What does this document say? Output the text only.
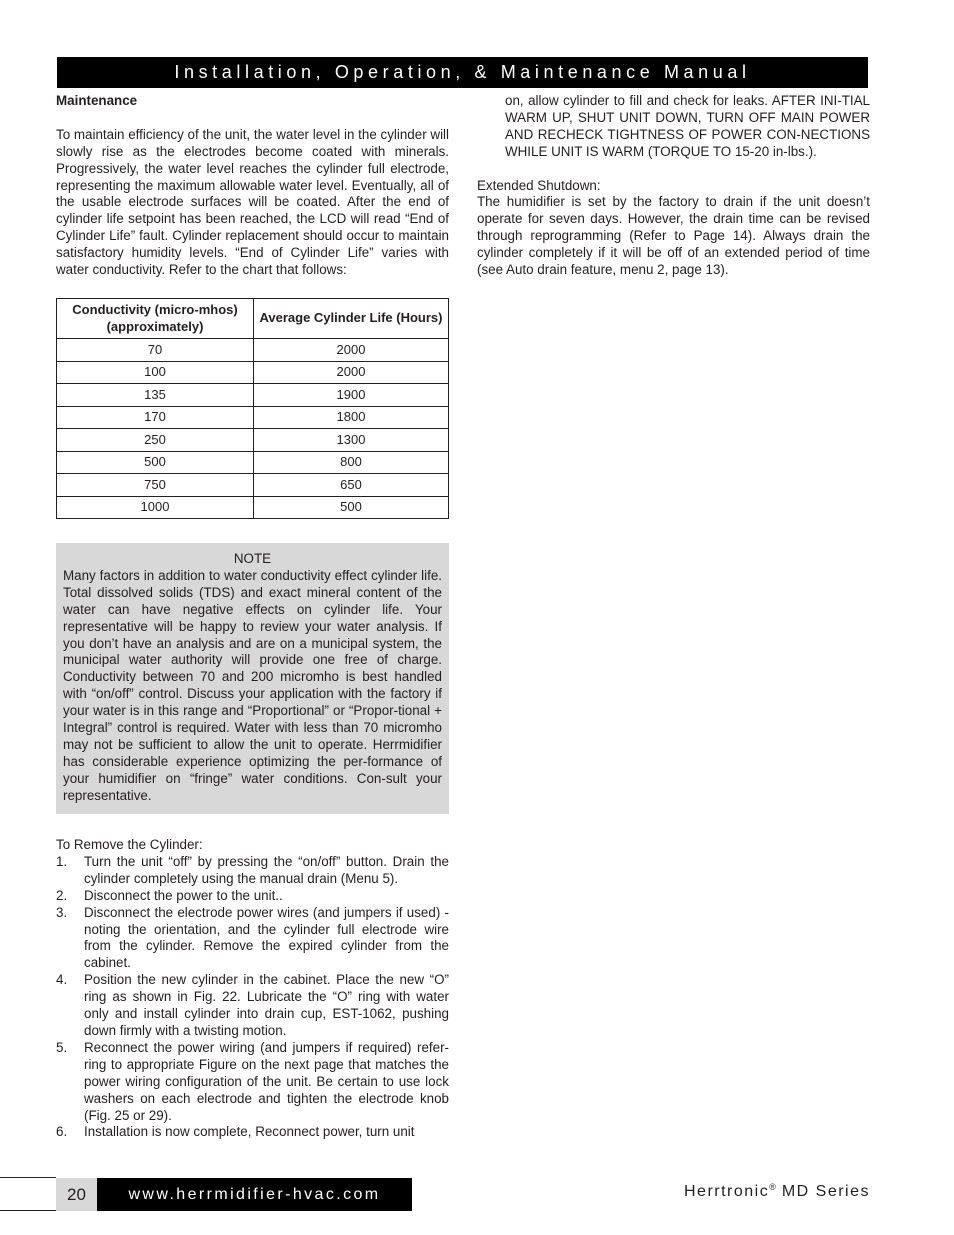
Installation, Operation, & Maintenance Manual
Maintenance

To maintain efficiency of the unit, the water level in the cylinder will slowly rise as the electrodes become coated with minerals. Progressively, the water level reaches the cylinder full electrode, representing the maximum allowable water level. Eventually, all of the usable electrode surfaces will be coated. After the end of cylinder life setpoint has been reached, the LCD will read “End of Cylinder Life” fault. Cylinder replacement should occur to maintain satisfactory humidity levels. “End of Cylinder Life” varies with water conductivity. Refer to the chart that follows:

Conductivity (micro-mhos) (approximately)	Average Cylinder Life (Hours)
70	2000
100	2000
135	1900
170	1800
250	1300
500	800
750	650
1000	500

NOTE

Many factors in addition to water conductivity effect cylinder life. Total dissolved solids (TDS) and exact mineral content of the water can have negative effects on cylinder life. Your representative will be happy to review your water analysis. If you don’t have an analysis and are on a municipal system, the municipal water authority will provide one free of charge. Conductivity between 70 and 200 micromho is best handled with “on/off” control. Discuss your application with the factory if your water is in this range and “Proportional” or “Propor-tional + Integral” control is required. Water with less than 70 micromho may not be sufficient to allow the unit to operate. Herrmidifier has considerable experience optimizing the per-formance of your humidifier on “fringe” water conditions. Con-sult your representative.

To Remove the Cylinder:

1. Turn the unit “off” by pressing the “on/off” button. Drain the cylinder completely using the manual drain (Menu 5).
2. Disconnect the power to the unit..
3. Disconnect the electrode power wires (and jumpers if used) - noting the orientation, and the cylinder full electrode wire from the cylinder. Remove the expired cylinder from the cabinet.
4. Position the new cylinder in the cabinet. Place the new “O” ring as shown in Fig. 22. Lubricate the “O” ring with water only and install cylinder into drain cup, EST-1062, pushing down firmly with a twisting motion.
5. Reconnect the power wiring (and jumpers if required) refer-ring to appropriate Figure on the next page that matches the power wiring configuration of the unit. Be certain to use lock washers on each electrode and tighten the electrode knob (Fig. 25 or 29).
6. Installation is now complete, Reconnect power, turn unit

on, allow cylinder to fill and check for leaks. AFTER INI-TIAL WARM UP, SHUT UNIT DOWN, TURN OFF MAIN POWER AND RECHECK TIGHTNESS OF POWER CON-NECTIONS WHILE UNIT IS WARM (TORQUE TO 15-20 in-lbs.).

Extended Shutdown:

The humidifier is set by the factory to drain if the unit doesn’t operate for seven days. However, the drain time can be revised through reprogramming (Refer to Page 14). Always drain the cylinder completely if it will be off of an extended period of time (see Auto drain feature, menu 2, page 13).

20	www.herrmidifier-hvac.com	Herrtronic® MD Series
